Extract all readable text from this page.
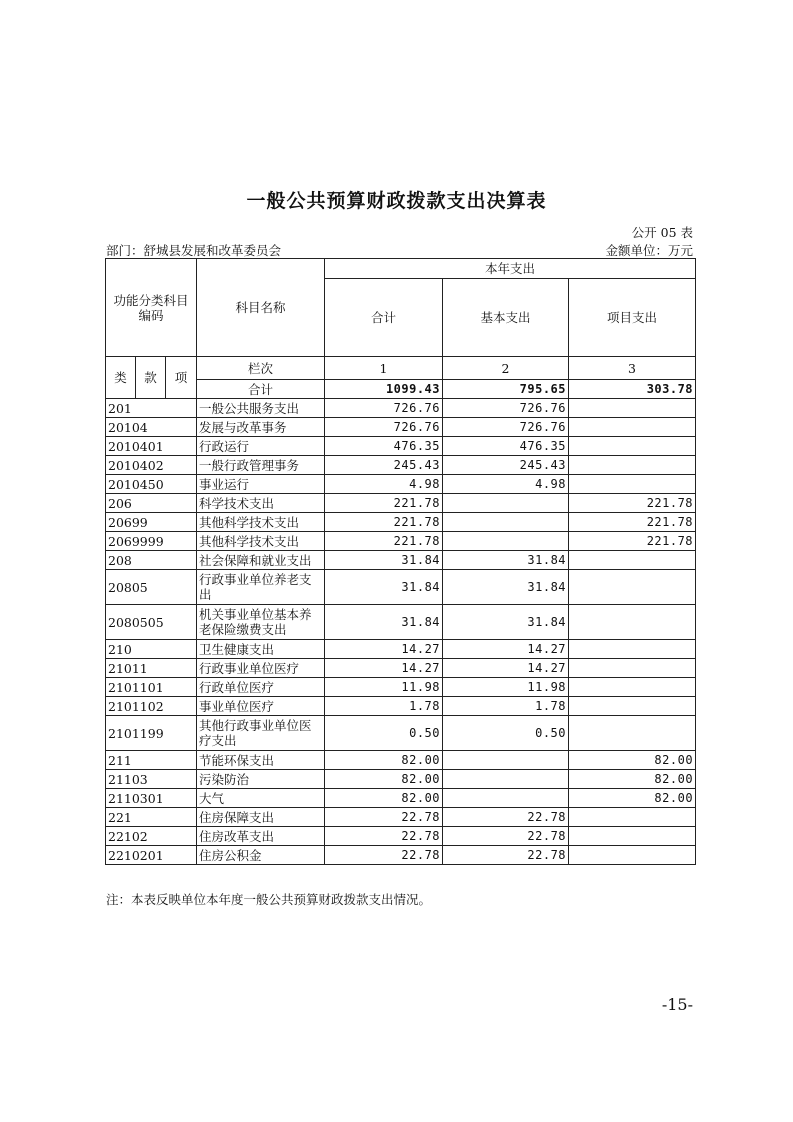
一般公共预算财政拨款支出决算表
公开 05 表
部门：舒城县发展和改革委员会	金额单位：万元
功能分类科目编码			科目名称	本年支出		
				合计	基本支出	项目支出
类	款	项	栏次	1	2	3
			合计	1099.43	795.65	303.78
201			一般公共服务支出	726.76	726.76	
20104			发展与改革事务	726.76	726.76	
2010401			行政运行	476.35	476.35	
2010402			一般行政管理事务	245.43	245.43	
2010450			事业运行	4.98	4.98	
206			科学技术支出	221.78		221.78
20699			其他科学技术支出	221.78		221.78
2069999			其他科学技术支出	221.78		221.78
208			社会保障和就业支出	31.84	31.84	
20805			行政事业单位养老支出	31.84	31.84	
2080505			机关事业单位基本养老保险缴费支出	31.84	31.84	
210			卫生健康支出	14.27	14.27	
21011			行政事业单位医疗	14.27	14.27	
2101101			行政单位医疗	11.98	11.98	
2101102			事业单位医疗	1.78	1.78	
2101199			其他行政事业单位医疗支出	0.50	0.50	
211			节能环保支出	82.00		82.00
21103			污染防治	82.00		82.00
2110301			大气	82.00		82.00
221			住房保障支出	22.78	22.78	
22102			住房改革支出	22.78	22.78	
2210201			住房公积金	22.78	22.78	
注：本表反映单位本年度一般公共预算财政拨款支出情况。
-15-
